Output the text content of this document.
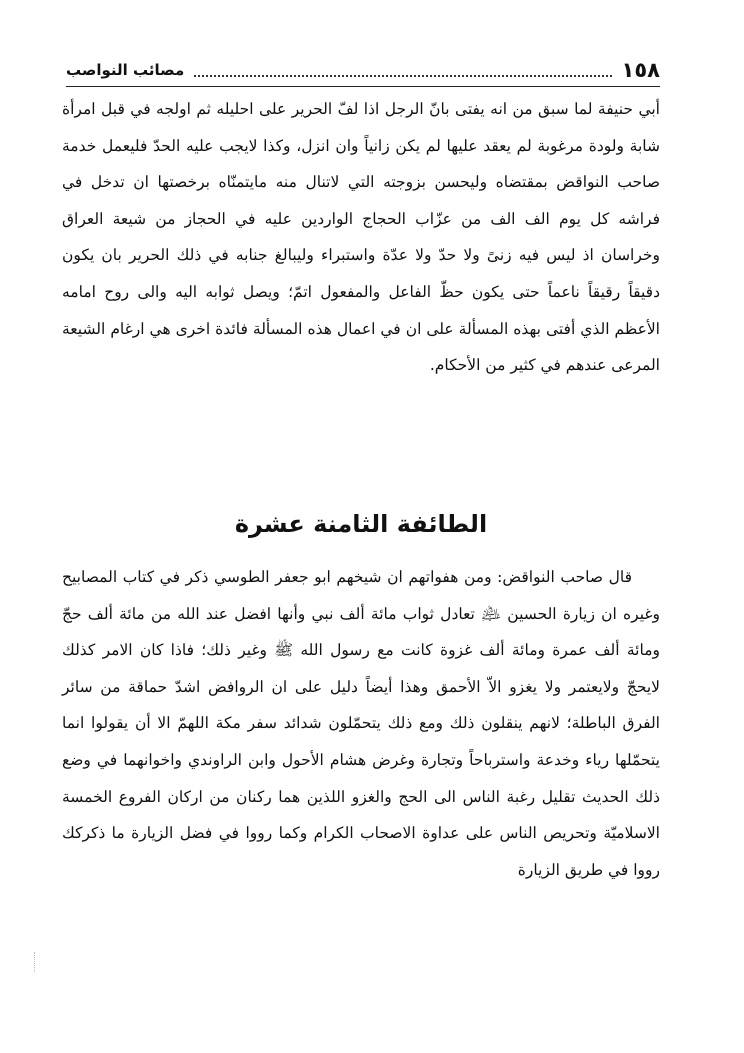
١٥٨
مصائب النواصب

أبي حنيفة لما سبق من انه يفتى بانّ الرجل اذا لفّ الحرير على احليله ثم اولجه في قبل امرأة شابة ولودة مرغوبة لم يعقد عليها لم يكن زانياً وان انزل، وكذا لايجب عليه الحدّ فليعمل خدمة صاحب النواقض بمقتضاه وليحسن بزوجته التي لاتنال منه مايتمنّاه برخصتها ان تدخل في فراشه كل يوم الف الف من عزّاب الحجاج الواردين عليه في الحجاز من شيعة العراق وخراسان اذ ليس فيه زنىً ولا حدّ ولا عدّة واستبراء وليبالغ جنابه في ذلك الحرير بان يكون دقيقاً رقيقاً ناعماً حتى يكون حظّ الفاعل والمفعول اتمّ؛ ويصل ثوابه اليه والى روح امامه الأعظم الذي أفتى بهذه المسألة على ان في اعمال هذه المسألة فائدة اخرى هي ارغام الشيعة المرعى عندهم في كثير من الأحكام.

الطائفة الثامنة عشرة

قال صاحب النواقض: ومن هفواتهم ان شيخهم ابو جعفر الطوسي ذكر في كتاب المصابيح وغيره ان زيارة الحسين ﵇ تعادل ثواب مائة ألف نبي وأنها افضل عند الله من مائة ألف حجّ ومائة ألف عمرة ومائة ألف غزوة كانت مع رسول الله ﷺ وغير ذلك؛ فاذا كان الامر كذلك لايحجّ ولايعتمر ولا يغزو الاّ الأحمق وهذا أيضاً دليل على ان الروافض اشدّ حماقة من سائر الفرق الباطلة؛ لانهم ينقلون ذلك ومع ذلك يتحمّلون شدائد سفر مكة اللهمّ الا أن يقولوا انما يتحمّلها رياء وخدعة واسترباحاً وتجارة وغرض هشام الأحول وابن الراوندي واخوانهما في وضع ذلك الحديث تقليل رغبة الناس الى الحج والغزو اللذين هما ركنان من اركان الفروع الخمسة الاسلاميّة وتحريص الناس على عداوة الاصحاب الكرام وكما رووا في فضل الزيارة ما ذكركك رووا في طريق الزيارة
